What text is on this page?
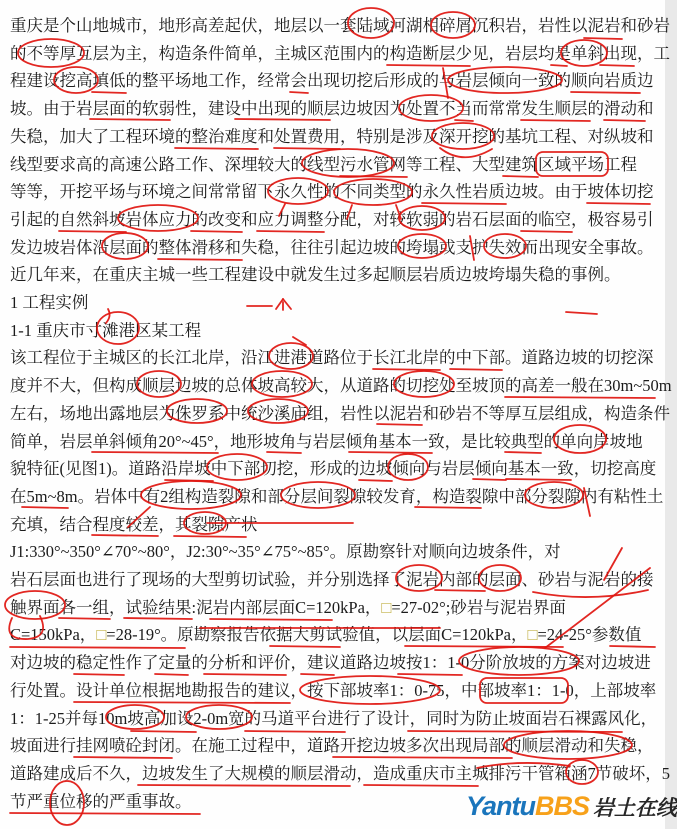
重庆是个山地城市，地形高差起伏，地层以一套陆域河湖相碎屑沉积岩，岩性以泥岩和砂岩
的不等厚互层为主，构造条件简单，主城区范围内的构造断层少见，岩层均是单斜出现，工
程建设挖高填低的整平场地工作，经常会出现切挖后形成的与岩层倾向一致的顺向岩质边
坡。由于岩层面的软弱性，建设中出现的顺层边坡因为处置不当而常常发生顺层的滑动和
失稳，加大了工程环境的整治难度和处置费用，特别是涉及深开挖的基坑工程、对纵坡和
线型要求高的高速公路工作、深埋较大的线型污水管网等工程、大型建筑区域平场工程
等等，开挖平场与环境之间常常留下永久性的不同类型的永久性岩质边坡。由于坡体切挖
引起的自然斜坡岩体应力的改变和应力调整分配，对较软弱的岩石层面的临空，极容易引
发边坡岩体沿层面的整体滑移和失稳，往往引起边坡的垮塌或支护失效而出现安全事故。
近几年来，在重庆主城一些工程建设中就发生过多起顺层岩质边坡垮塌失稳的事例。
1 工程实例
1-1 重庆市寸滩港区某工程
该工程位于主城区的长江北岸，沿江进港道路位于长江北岸的中下部。道路边坡的切挖深
度并不大，但构成顺层边坡的总体坡高较大，从道路的切挖处至坡顶的高差一般在30m~50m
左右，场地出露地层为侏罗系中统沙溪庙组，岩性以泥岩和砂岩不等厚互层组成，构造条件
简单，岩层单斜倾角20°~45°，地形坡角与岩层倾角基本一致，是比较典型的单向岸坡地
貌特征(见图1)。道路沿岸坡中下部切挖，形成的边坡倾向与岩层倾向基本一致，切挖高度
在5m~8m。岩体中有2组构造裂隙和部分层间裂隙较发育，构造裂隙中部分裂隙内有粘性土
充填，结合程度较差，其裂隙产状
J1:330°~350°∠70°~80°，J2:30°~35°∠75°~85°。原勘察针对顺向边坡条件，对
岩石层面也进行了现场的大型剪切试验，并分别选择了泥岩内部的层面、砂岩与泥岩的接
触界面各一组，试验结果:泥岩内部层面C=120kPa，□=27-02°;砂岩与泥岩界面
C=150kPa，□=28-19°。原勘察报告依据大剪试验值，以层面C=120kPa，□=24-25°参数值
对边坡的稳定性作了定量的分析和评价，建议道路边坡按1：1-0分阶放坡的方案对边坡进
行处置。设计单位根据地勘报告的建议，按下部坡率1：0-75，中部坡率1：1-0，上部坡率
1：1-25并每10m坡高加设2-0m宽的马道平台进行了设计，同时为防止坡面岩石裸露风化，
坡面进行挂网喷砼封闭。在施工过程中，道路开挖边坡多次出现局部的顺层滑动和失稳，
道路建成后不久，边坡发生了大规模的顺层滑动，造成重庆市主城排污干管箱涵7节破坏，5
节严重位移的严重事故。	YantuBBS 岩土在线
